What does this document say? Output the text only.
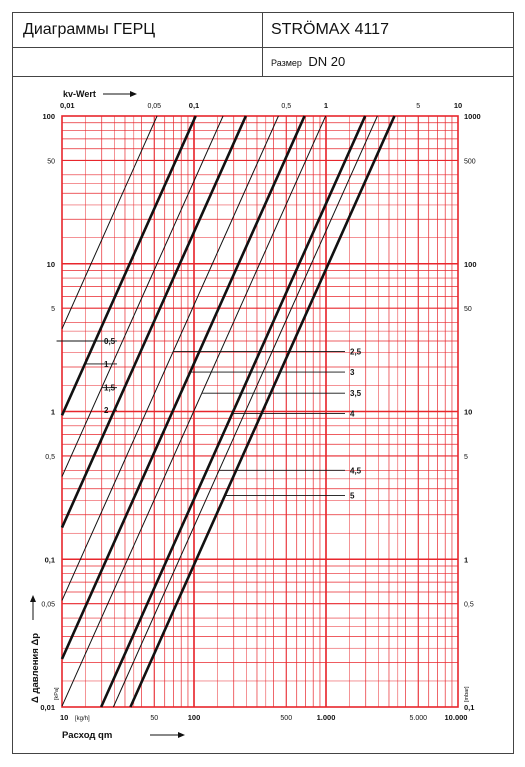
Диаграммы ГЕРЦ	STRÖMAX 4117
Размер DN 20
0,5
1
1,5
2
2,5
3
3,5
4
4,5
5
0,01
0,05
0,1
0,5
1
5
10
50
100
0,1
0,5
1
5
10
50
100
500
1000
10	50	100	500	1.000	5.000 10.000
[kg/h]
0,01	0,05	0,1	0,5	1	5	10
kv-Wert
Расход qm
Δ давления Δp [kPa]	[mbar]
